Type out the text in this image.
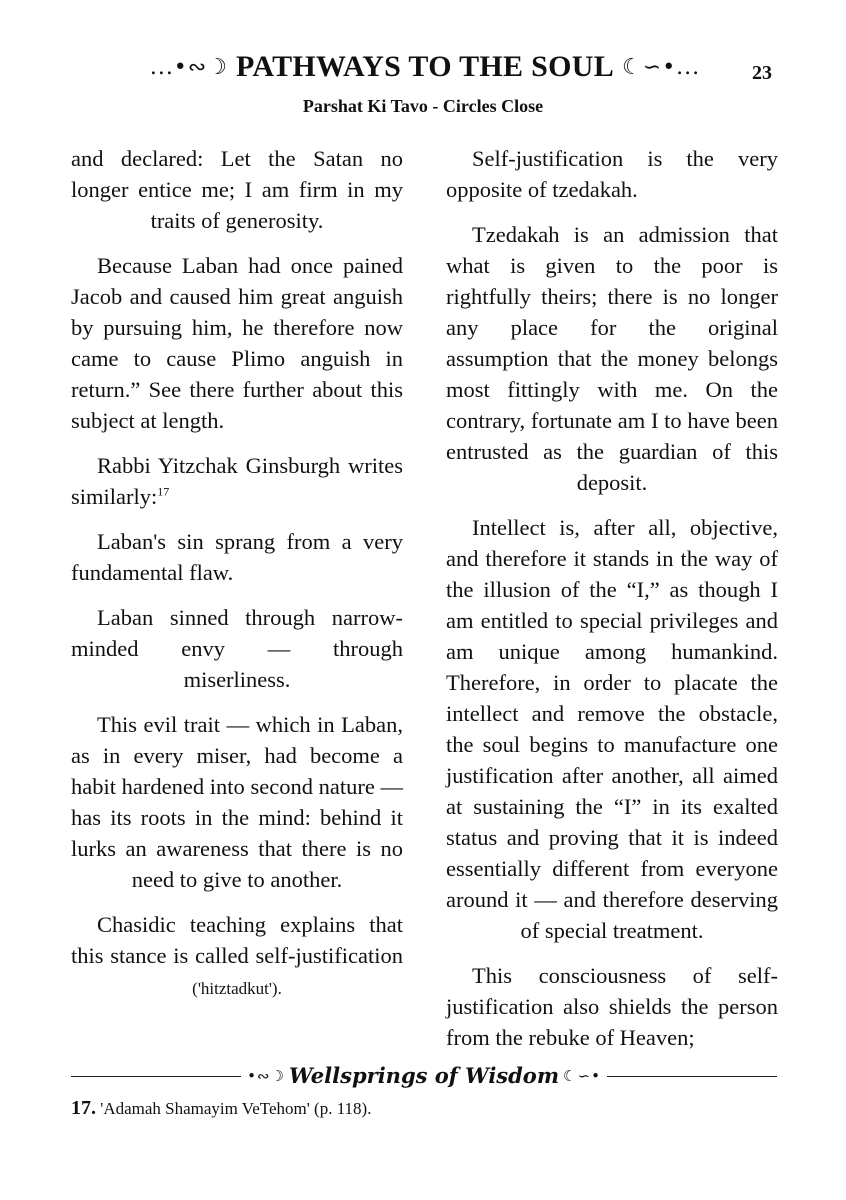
...•∾☽ PATHWAYS TO THE SOUL ☾∽•...	23
Parshat Ki Tavo - Circles Close

and declared: Let the Satan no longer entice me; I am firm in my traits of generosity.

Because Laban had once pained Jacob and caused him great anguish by pursuing him, he therefore now came to cause Plimo anguish in return.” See there further about this subject at length.

Rabbi Yitzchak Ginsburgh writes similarly:$^{17}$

Laban's sin sprang from a very fundamental flaw.

Laban sinned through narrow-minded envy — through miserliness.

This evil trait — which in Laban, as in every miser, had become a habit hardened into second nature — has its roots in the mind: behind it lurks an awareness that there is no need to give to another.

Chasidic teaching explains that this stance is called self-justification ('hitztadkut').

Self-justification is the very opposite of tzedakah.

Tzedakah is an admission that what is given to the poor is rightfully theirs; there is no longer any place for the original assumption that the money belongs most fittingly with me. On the contrary, fortunate am I to have been entrusted as the guardian of this deposit.

Intellect is, after all, objective, and therefore it stands in the way of the illusion of the “I,” as though I am entitled to special privileges and am unique among humankind. Therefore, in order to placate the intellect and remove the obstacle, the soul begins to manufacture one justification after another, all aimed at sustaining the “I” in its exalted status and proving that it is indeed essentially different from everyone around it — and therefore deserving of special treatment.

This consciousness of self-justification also shields the person from the rebuke of Heaven;

•∾☽ Wellsprings of Wisdom ☾∽•
17. 'Adamah Shamayim VeTehom' (p. 118).
